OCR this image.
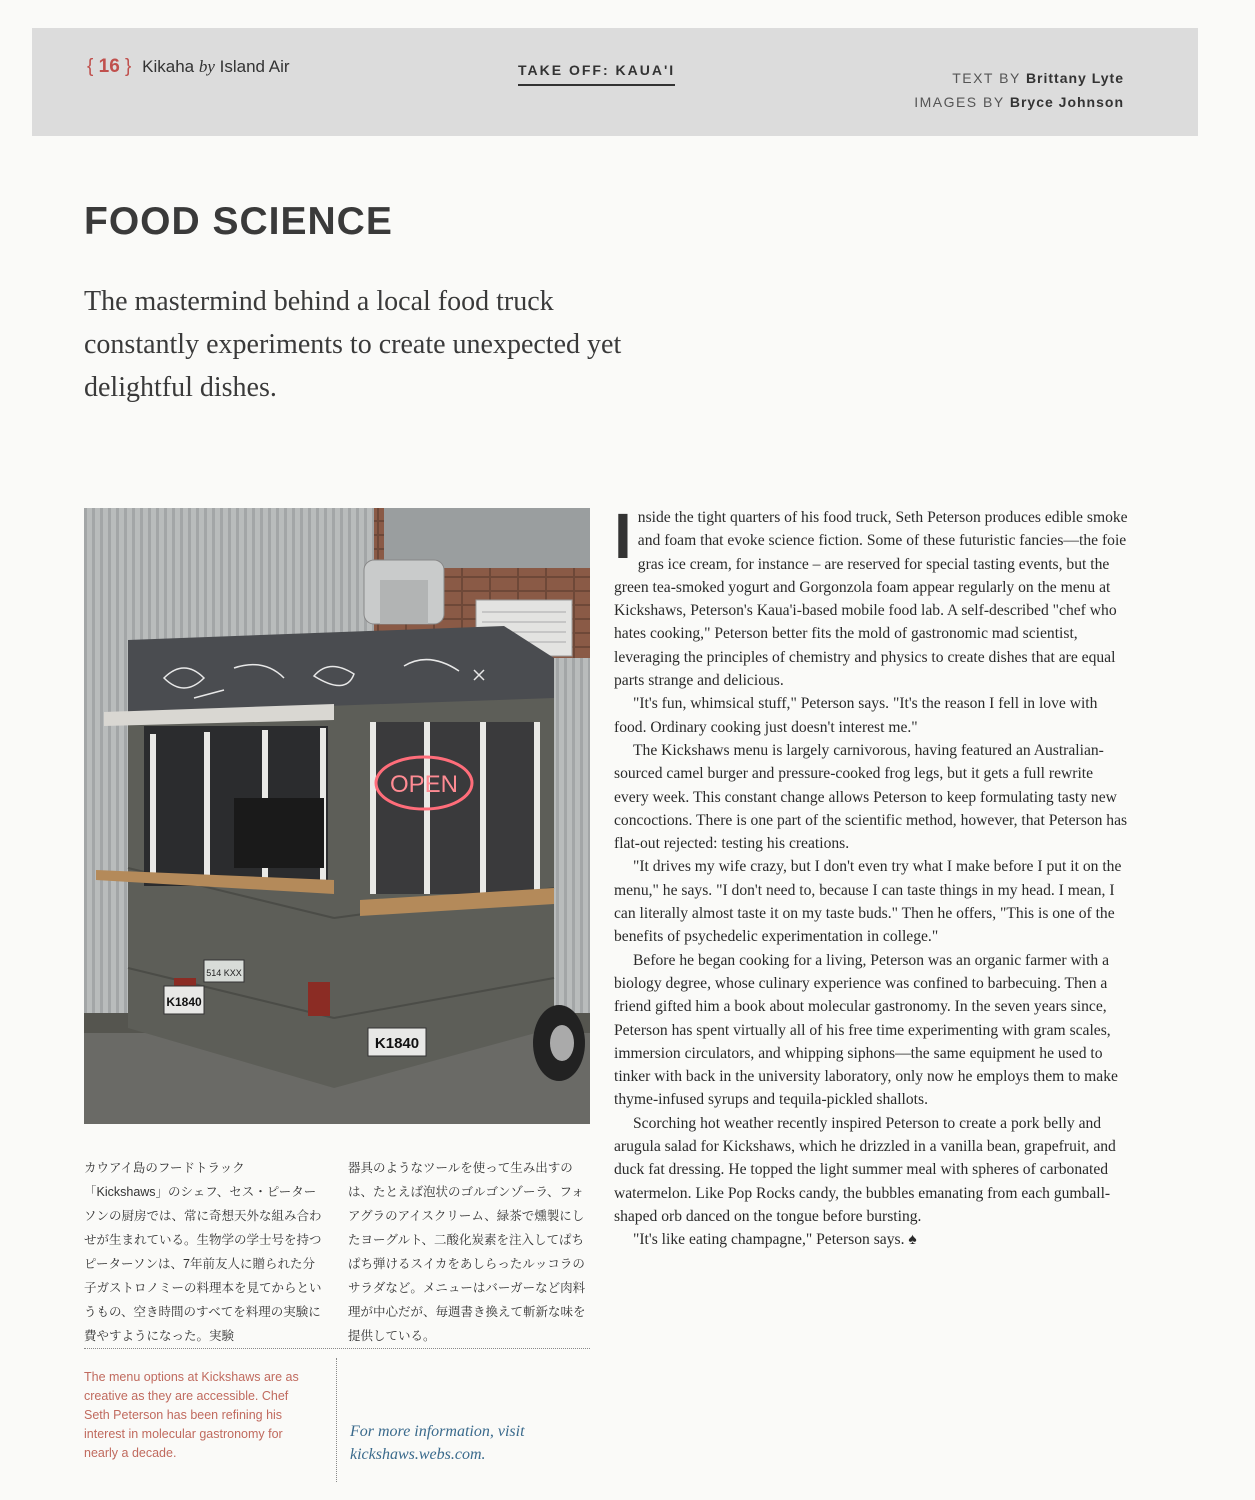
{ 16 } Kikaha by Island Air	TAKE OFF: KAUA'I	TEXT BY Brittany Lyte
IMAGES BY Bryce Johnson
FOOD SCIENCE

The mastermind behind a local food truck constantly experiments to create unexpected yet delightful dishes.

OPEN
514 KXX
K1840
K1840

カウアイ島のフードトラック「Kickshaws」のシェフ、セス・ピーターソンの厨房では、常に奇想天外な組み合わせが生まれている。生物学の学士号を持つピーターソンは、7年前友人に贈られた分子ガストロノミーの料理本を見てからというもの、空き時間のすべてを料理の実験に費やすようになった。実験

器具のようなツールを使って生み出すのは、たとえば泡状のゴルゴンゾーラ、フォアグラのアイスクリーム、緑茶で燻製にしたヨーグルト、二酸化炭素を注入してぱちぱち弾けるスイカをあしらったルッコラのサラダなど。メニューはバーガーなど肉料理が中心だが、毎週書き換えて斬新な味を提供している。

The menu options at Kickshaws are as creative as they are accessible. Chef Seth Peterson has been refining his interest in molecular gastronomy for nearly a decade.

For more information, visit
kickshaws.webs.com.

Inside the tight quarters of his food truck, Seth Peterson produces edible smoke and foam that evoke science fiction. Some of these futuristic fancies—the foie gras ice cream, for instance – are reserved for special tasting events, but the green tea-smoked yogurt and Gorgonzola foam appear regularly on the menu at Kickshaws, Peterson's Kaua'i-based mobile food lab. A self-described "chef who hates cooking," Peterson better fits the mold of gastronomic mad scientist, leveraging the principles of chemistry and physics to create dishes that are equal parts strange and delicious.

"It's fun, whimsical stuff," Peterson says. "It's the reason I fell in love with food. Ordinary cooking just doesn't interest me."

The Kickshaws menu is largely carnivorous, having featured an Australian-sourced camel burger and pressure-cooked frog legs, but it gets a full rewrite every week. This constant change allows Peterson to keep formulating tasty new concoctions. There is one part of the scientific method, however, that Peterson has flat-out rejected: testing his creations.

"It drives my wife crazy, but I don't even try what I make before I put it on the menu," he says. "I don't need to, because I can taste things in my head. I mean, I can literally almost taste it on my taste buds." Then he offers, "This is one of the benefits of psychedelic experimentation in college."

Before he began cooking for a living, Peterson was an organic farmer with a biology degree, whose culinary experience was confined to barbecuing. Then a friend gifted him a book about molecular gastronomy. In the seven years since, Peterson has spent virtually all of his free time experimenting with gram scales, immersion circulators, and whipping siphons—the same equipment he used to tinker with back in the university laboratory, only now he employs them to make thyme-infused syrups and tequila-pickled shallots.

Scorching hot weather recently inspired Peterson to create a pork belly and arugula salad for Kickshaws, which he drizzled in a vanilla bean, grapefruit, and duck fat dressing. He topped the light summer meal with spheres of carbonated watermelon. Like Pop Rocks candy, the bubbles emanating from each gumball-shaped orb danced on the tongue before bursting.

"It's like eating champagne," Peterson says. ♠
